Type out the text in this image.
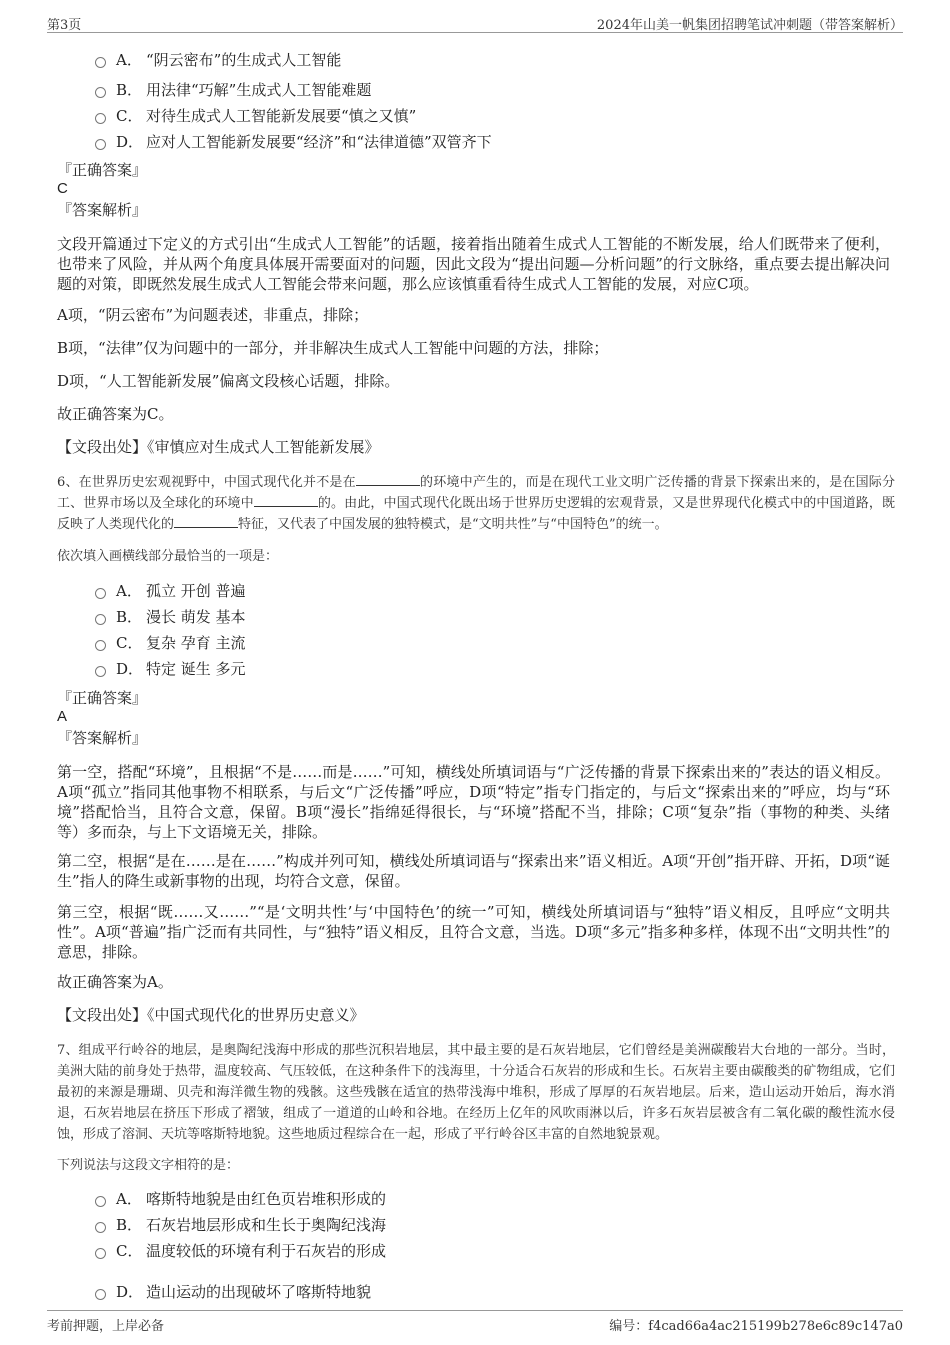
第3页	2024年山美一帆集团招聘笔试冲刺题（带答案解析）
A． “阴云密布”的生成式人工智能
B． 用法律“巧解”生成式人工智能难题
C． 对待生成式人工智能新发展要“慎之又慎”
D． 应对人工智能新发展要“经济”和“法律道德”双管齐下
『正确答案』
C
『答案解析』
文段开篇通过下定义的方式引出“生成式人工智能”的话题，接着指出随着生成式人工智能的不断发展，给人们既带来了便利，也带来了风险，并从两个角度具体展开需要面对的问题，因此文段为“提出问题—分析问题”的行文脉络，重点要去提出解决问题的对策，即既然发展生成式人工智能会带来问题，那么应该慎重看待生成式人工智能的发展，对应C项。
A项，“阴云密布”为问题表述，非重点，排除；
B项，“法律”仅为问题中的一部分，并非解决生成式人工智能中问题的方法，排除；
D项，“人工智能新发展”偏离文段核心话题，排除。
故正确答案为C。
【文段出处】《审慎应对生成式人工智能新发展》
6、在世界历史宏观视野中，中国式现代化并不是在	的环境中产生的，而是在现代工业文明广泛传播的背景下探索出来的，是在国际分工、世界市场以及全球化的环境中	的。由此，中国式现代化既出场于世界历史逻辑的宏观背景，又是世界现代化模式中的中国道路，既反映了人类现代化的	特征，又代表了中国发展的独特模式，是“文明共性”与“中国特色”的统一。
依次填入画横线部分最恰当的一项是：
A． 孤立 开创 普遍
B． 漫长 萌发 基本
C． 复杂 孕育 主流
D． 特定 诞生 多元
『正确答案』
A
『答案解析』
第一空，搭配“环境”，且根据“不是……而是……”可知，横线处所填词语与“广泛传播的背景下探索出来的”表达的语义相反。A项“孤立”指同其他事物不相联系，与后文“广泛传播”呼应，D项“特定”指专门指定的，与后文“探索出来的”呼应，均与“环境”搭配恰当，且符合文意，保留。B项“漫长”指绵延得很长，与“环境”搭配不当，排除；C项“复杂”指（事物的种类、头绪等）多而杂，与上下文语境无关，排除。
第二空，根据“是在……是在……”构成并列可知，横线处所填词语与“探索出来”语义相近。A项“开创”指开辟、开拓，D项“诞生”指人的降生或新事物的出现，均符合文意，保留。
第三空，根据“既……又……”“是‘文明共性’与‘中国特色’的统一”可知，横线处所填词语与“独特”语义相反，且呼应“文明共性”。A项“普遍”指广泛而有共同性，与“独特”语义相反，且符合文意，当选。D项“多元”指多种多样，体现不出“文明共性”的意思，排除。
故正确答案为A。
【文段出处】《中国式现代化的世界历史意义》
7、组成平行岭谷的地层，是奥陶纪浅海中形成的那些沉积岩地层，其中最主要的是石灰岩地层，它们曾经是美洲碳酸岩大台地的一部分。当时，美洲大陆的前身处于热带，温度较高、气压较低，在这种条件下的浅海里，十分适合石灰岩的形成和生长。石灰岩主要由碳酸类的矿物组成，它们最初的来源是珊瑚、贝壳和海洋微生物的残骸。这些残骸在适宜的热带浅海中堆积，形成了厚厚的石灰岩地层。后来，造山运动开始后，海水消退，石灰岩地层在挤压下形成了褶皱，组成了一道道的山岭和谷地。在经历上亿年的风吹雨淋以后，许多石灰岩层被含有二氧化碳的酸性流水侵蚀，形成了溶洞、天坑等喀斯特地貌。这些地质过程综合在一起，形成了平行岭谷区丰富的自然地貌景观。
下列说法与这段文字相符的是：
A． 喀斯特地貌是由红色页岩堆积形成的
B． 石灰岩地层形成和生长于奥陶纪浅海
C． 温度较低的环境有利于石灰岩的形成
D． 造山运动的出现破坏了喀斯特地貌
考前押题，上岸必备	编号：f4cad66a4ac215199b278e6c89c147a0
